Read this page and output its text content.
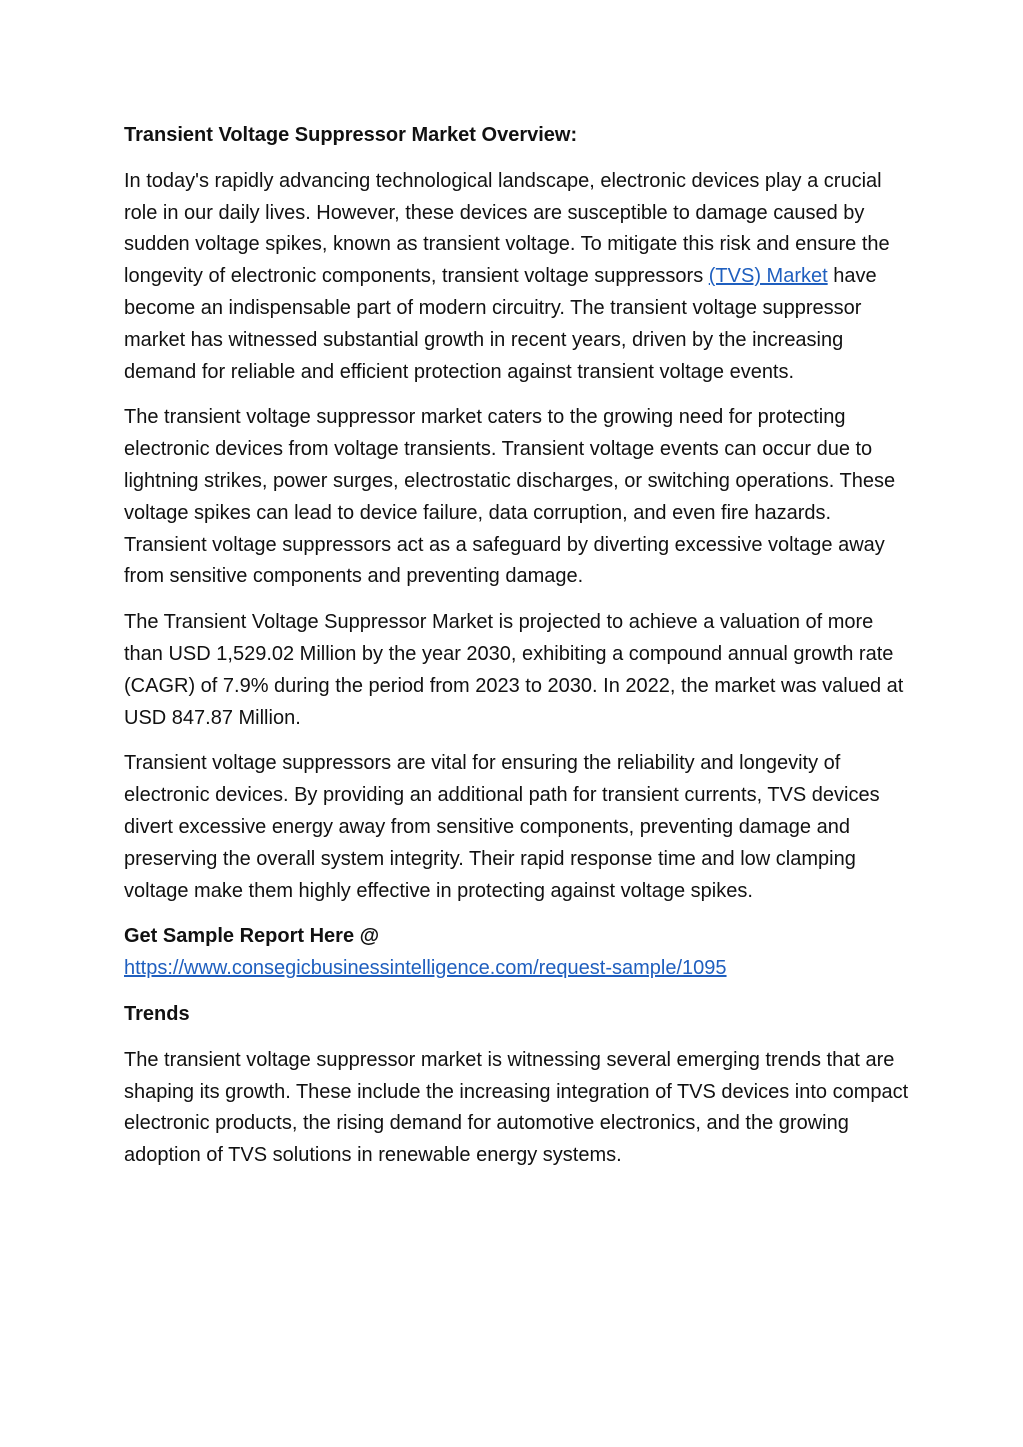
Transient Voltage Suppressor Market Overview:

In today's rapidly advancing technological landscape, electronic devices play a crucial role in our daily lives. However, these devices are susceptible to damage caused by sudden voltage spikes, known as transient voltage. To mitigate this risk and ensure the longevity of electronic components, transient voltage suppressors (TVS) Market have become an indispensable part of modern circuitry. The transient voltage suppressor market has witnessed substantial growth in recent years, driven by the increasing demand for reliable and efficient protection against transient voltage events.

The transient voltage suppressor market caters to the growing need for protecting electronic devices from voltage transients. Transient voltage events can occur due to lightning strikes, power surges, electrostatic discharges, or switching operations. These voltage spikes can lead to device failure, data corruption, and even fire hazards. Transient voltage suppressors act as a safeguard by diverting excessive voltage away from sensitive components and preventing damage.

The Transient Voltage Suppressor Market is projected to achieve a valuation of more than USD 1,529.02 Million by the year 2030, exhibiting a compound annual growth rate (CAGR) of 7.9% during the period from 2023 to 2030. In 2022, the market was valued at USD 847.87 Million.

Transient voltage suppressors are vital for ensuring the reliability and longevity of electronic devices. By providing an additional path for transient currents, TVS devices divert excessive energy away from sensitive components, preventing damage and preserving the overall system integrity. Their rapid response time and low clamping voltage make them highly effective in protecting against voltage spikes.

Get Sample Report Here @
https://www.consegicbusinessintelligence.com/request-sample/1095

Trends

The transient voltage suppressor market is witnessing several emerging trends that are shaping its growth. These include the increasing integration of TVS devices into compact electronic products, the rising demand for automotive electronics, and the growing adoption of TVS solutions in renewable energy systems.
